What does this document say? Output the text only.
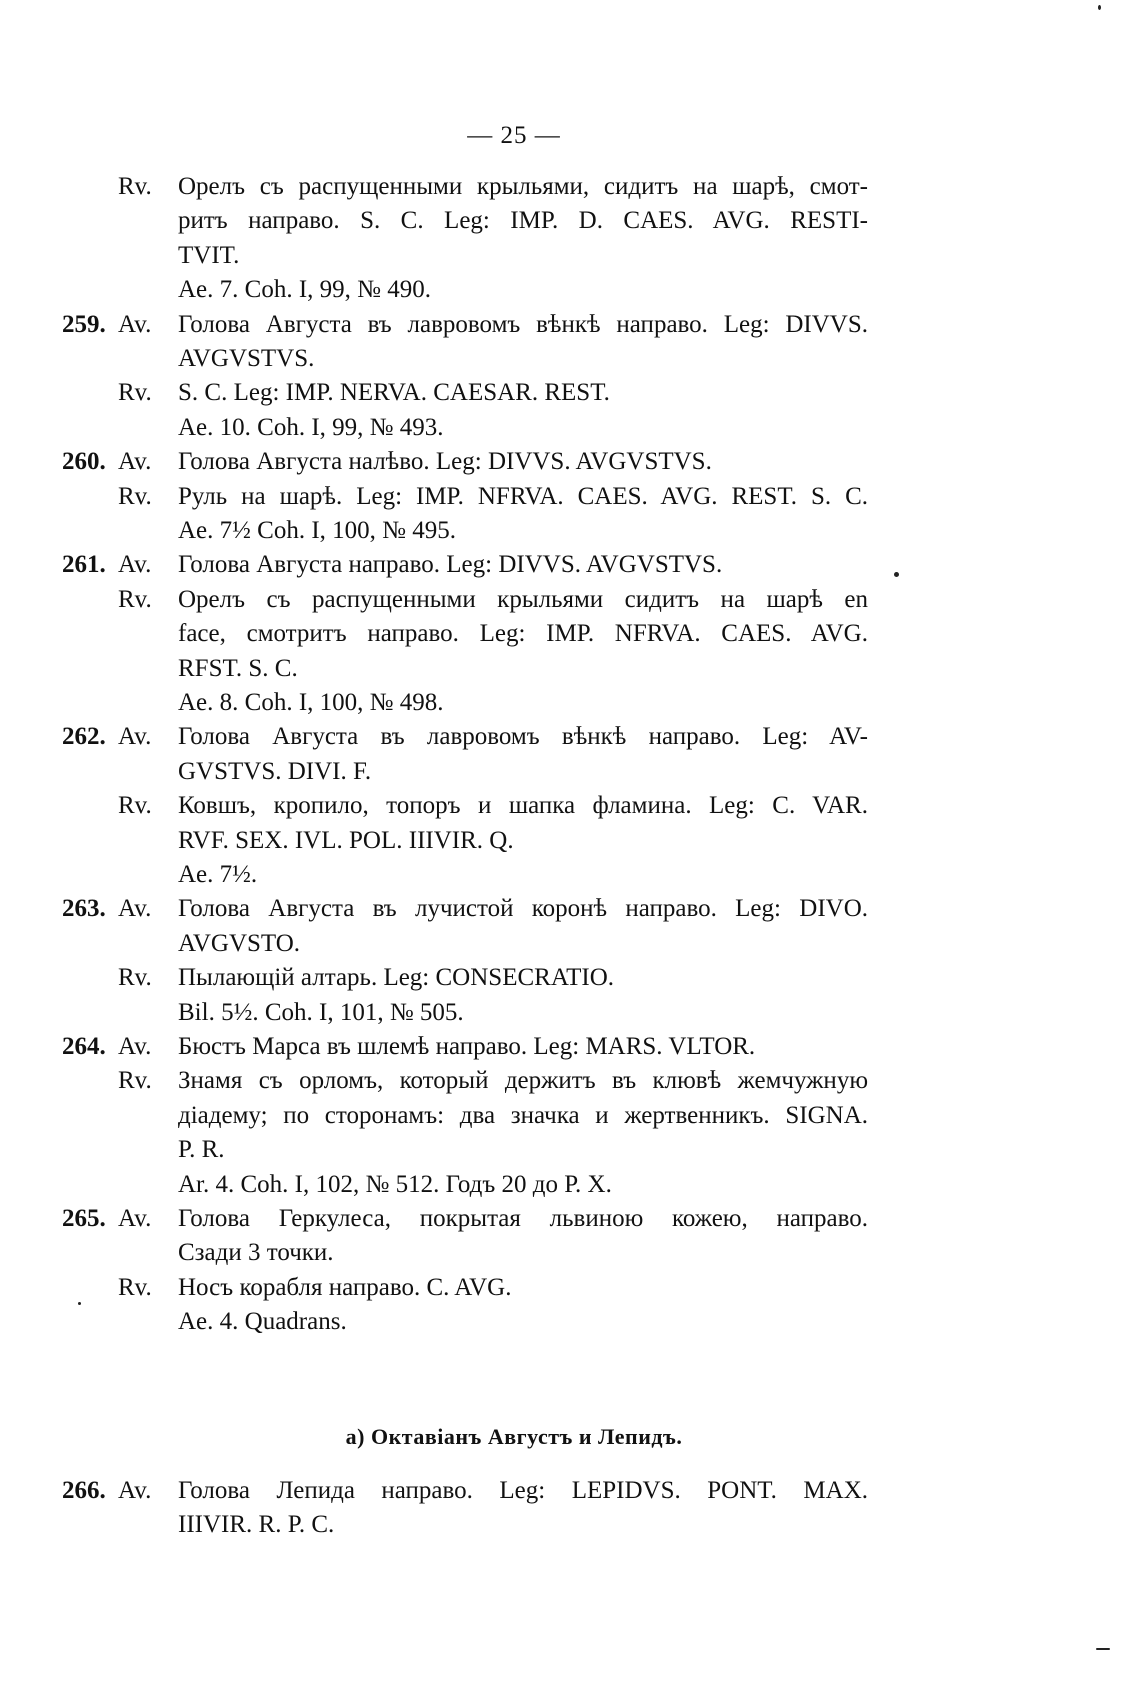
— 25 —
Rv. Орелъ съ распущенными крыльями, сидитъ на шарѣ, смот-
ритъ направо. S. C. Leg: IMP. D. CAES. AVG. RESTI-
TVIT.
Ae. 7. Coh. I, 99, № 490.
259. Av. Голова Августа въ лавровомъ вѣнкѣ направо. Leg: DIVVS.
AVGVSTVS.
Rv. S. C. Leg: IMP. NERVA. CAESAR. REST.
Ae. 10. Coh. I, 99, № 493.
260. Av. Голова Августа налѣво. Leg: DIVVS. AVGVSTVS.
Rv. Руль на шарѣ. Leg: IMP. NFRVA. CAES. AVG. REST. S. C.
Ae. 7½ Coh. I, 100, № 495.
261. Av. Голова Августа направо. Leg: DIVVS. AVGVSTVS.
Rv. Орелъ съ распущенными крыльями сидитъ на шарѣ en
face, смотритъ направо. Leg: IMP. NFRVA. CAES. AVG.
RFST. S. C.
Ae. 8. Coh. I, 100, № 498.
262. Av. Голова Августа въ лавровомъ вѣнкѣ направо. Leg: AV-
GVSTVS. DIVI. F.
Rv. Ковшъ, кропило, топоръ и шапка фламина. Leg: C. VAR.
RVF. SEX. IVL. POL. IIIVIR. Q.
Ae. 7½.
263. Av. Голова Августа въ лучистой коронѣ направо. Leg: DIVO.
AVGVSTO.
Rv. Пылающій алтарь. Leg: CONSECRATIO.
Bil. 5½. Coh. I, 101, № 505.
264. Av. Бюстъ Марса въ шлемѣ направо. Leg: MARS. VLTOR.
Rv. Знамя съ орломъ, который держитъ въ клювѣ жемчужную
діадему; по сторонамъ: два значка и жертвенникъ. SIGNA.
P. R.
Ar. 4. Coh. I, 102, № 512. Годъ 20 до Р. X.
265. Av. Голова Геркулеса, покрытая львиною кожею, направо.
Сзади 3 точки.
Rv. Носъ корабля направо. C. AVG.
Ae. 4. Quadrans.
a) Октавіанъ Августъ и Лепидъ.
266. Av. Голова Лепида направо. Leg: LEPIDVS. PONT. MAX.
IIIVIR. R. P. C.
